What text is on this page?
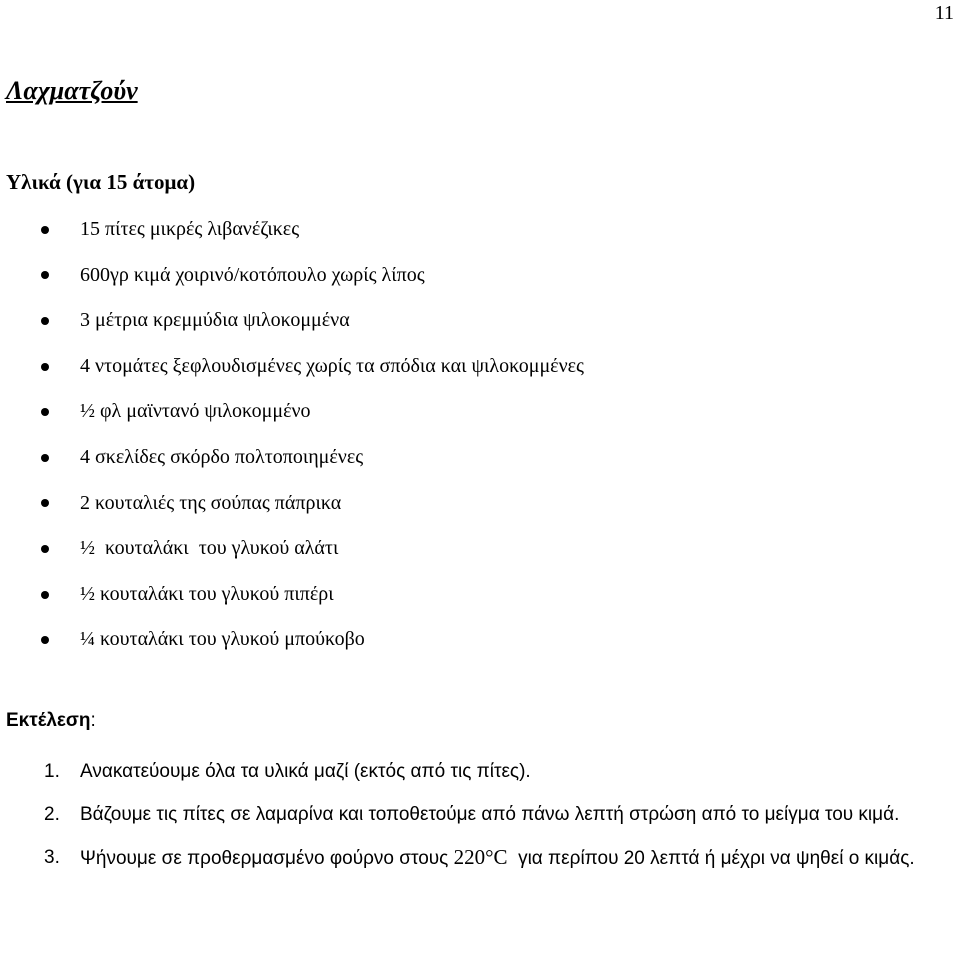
11
Λαχματζούν
Υλικά (για 15 άτομα)
15 πίτες μικρές λιβανέζικες
600γρ κιμά χοιρινό/κοτόπουλο χωρίς λίπος
3 μέτρια κρεμμύδια ψιλοκομμένα
4 ντομάτες ξεφλουδισμένες χωρίς τα σπόδια και ψιλοκομμένες
½ φλ μαϊντανό ψιλοκομμένο
4 σκελίδες σκόρδο πολτοποιημένες
2 κουταλιές της σούπας πάπρικα
½  κουταλάκι  του γλυκού αλάτι
½ κουταλάκι του γλυκού πιπέρι
¼ κουταλάκι του γλυκού μπούκοβο
Εκτέλεση:
1. Ανακατεύουμε όλα τα υλικά μαζί (εκτός από τις πίτες).
2. Βάζουμε τις πίτες σε λαμαρίνα και τοποθετούμε από πάνω λεπτή στρώση από το μείγμα του κιμά.
3. Ψήνουμε σε προθερμασμένο φούρνο στους 220°C  για περίπου 20 λεπτά ή μέχρι να ψηθεί ο κιμάς.
